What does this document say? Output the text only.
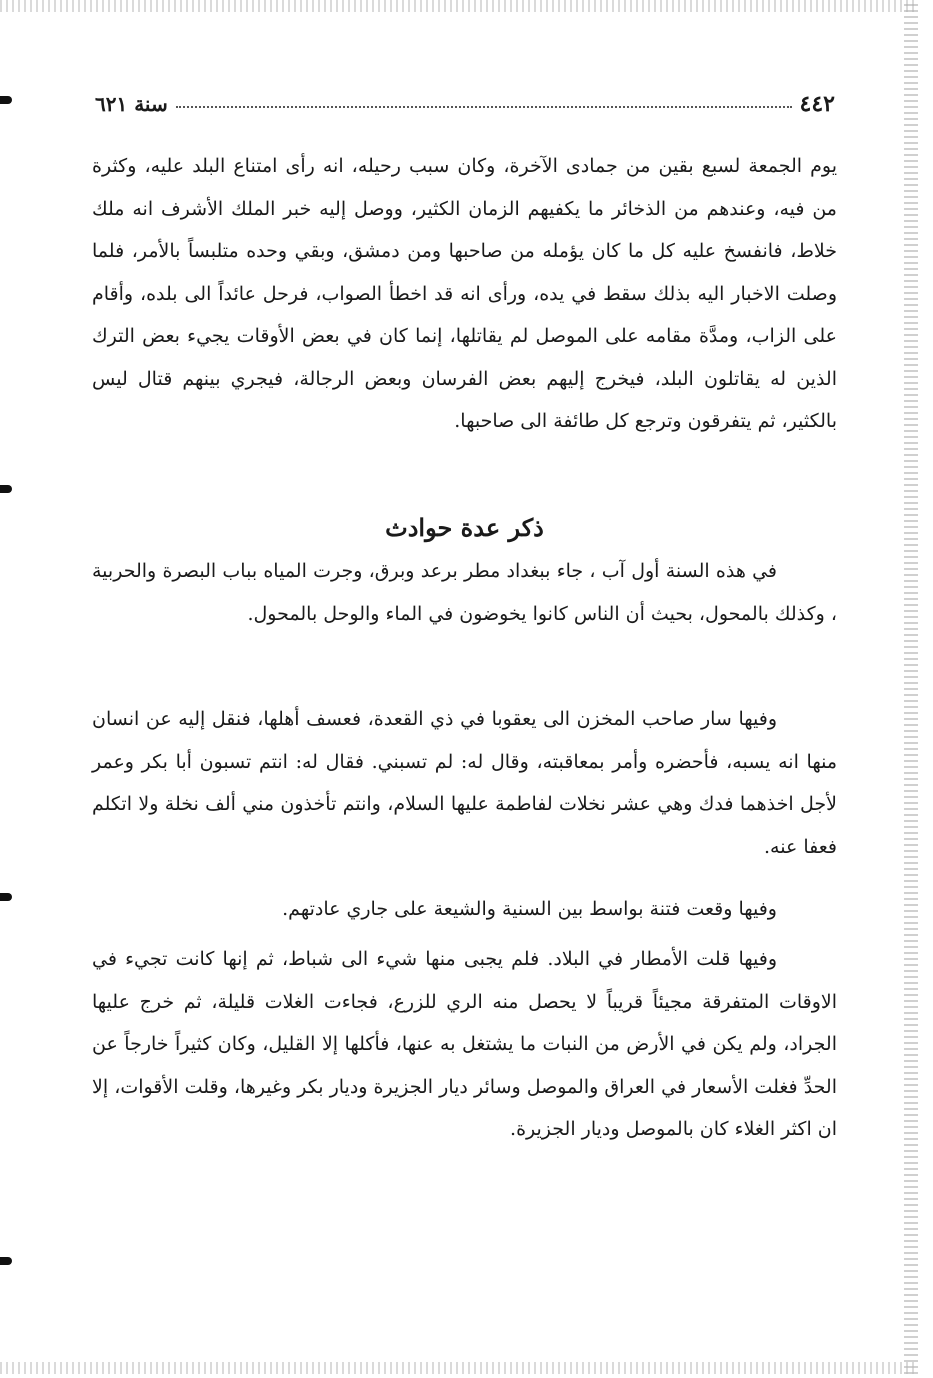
٤٤٢
سنة ٦٢١
يوم الجمعة لسبع بقين من جمادى الآخرة، وكان سبب رحيله، انه رأى امتناع البلد عليه، وكثرة من فيه، وعندهم من الذخائر ما يكفيهم الزمان الكثير، ووصل إليه خبر الملك الأشرف انه ملك خلاط، فانفسخ عليه كل ما كان يؤمله من صاحبها ومن دمشق، وبقي وحده متلبساً بالأمر، فلما وصلت الاخبار اليه بذلك سقط في يده، ورأى انه قد اخطأ الصواب، فرحل عائداً الى بلده، وأقام على الزاب، ومدَّة مقامه على الموصل لم يقاتلها، إنما كان في بعض الأوقات يجيء بعض الترك الذين له يقاتلون البلد، فيخرج إليهم بعض الفرسان وبعض الرجالة، فيجري بينهم قتال ليس بالكثير، ثم يتفرقون وترجع كل طائفة الى صاحبها.
ذكر عدة حوادث
في هذه السنة أول آب ، جاء ببغداد مطر برعد وبرق، وجرت المياه بباب البصرة والحربية ، وكذلك بالمحول، بحيث أن الناس كانوا يخوضون في الماء والوحل بالمحول.
وفيها سار صاحب المخزن الى يعقوبا في ذي القعدة، فعسف أهلها، فنقل إليه عن انسان منها انه يسبه، فأحضره وأمر بمعاقبته، وقال له: لم تسبني. فقال له: انتم تسبون أبا بكر وعمر لأجل اخذهما فدك وهي عشر نخلات لفاطمة عليها السلام، وانتم تأخذون مني ألف نخلة ولا اتكلم فعفا عنه.
وفيها وقعت فتنة بواسط بين السنية والشيعة على جاري عادتهم.
وفيها قلت الأمطار في البلاد. فلم يجبى منها شيء الى شباط، ثم إنها كانت تجيء في الاوقات المتفرقة مجيئاً قريباً لا يحصل منه الري للزرع، فجاءت الغلات قليلة، ثم خرج عليها الجراد، ولم يكن في الأرض من النبات ما يشتغل به عنها، فأكلها إلا القليل، وكان كثيراً خارجاً عن الحدِّ فغلت الأسعار في العراق والموصل وسائر ديار الجزيرة وديار بكر وغيرها، وقلت الأقوات، إلا ان اكثر الغلاء كان بالموصل وديار الجزيرة.
